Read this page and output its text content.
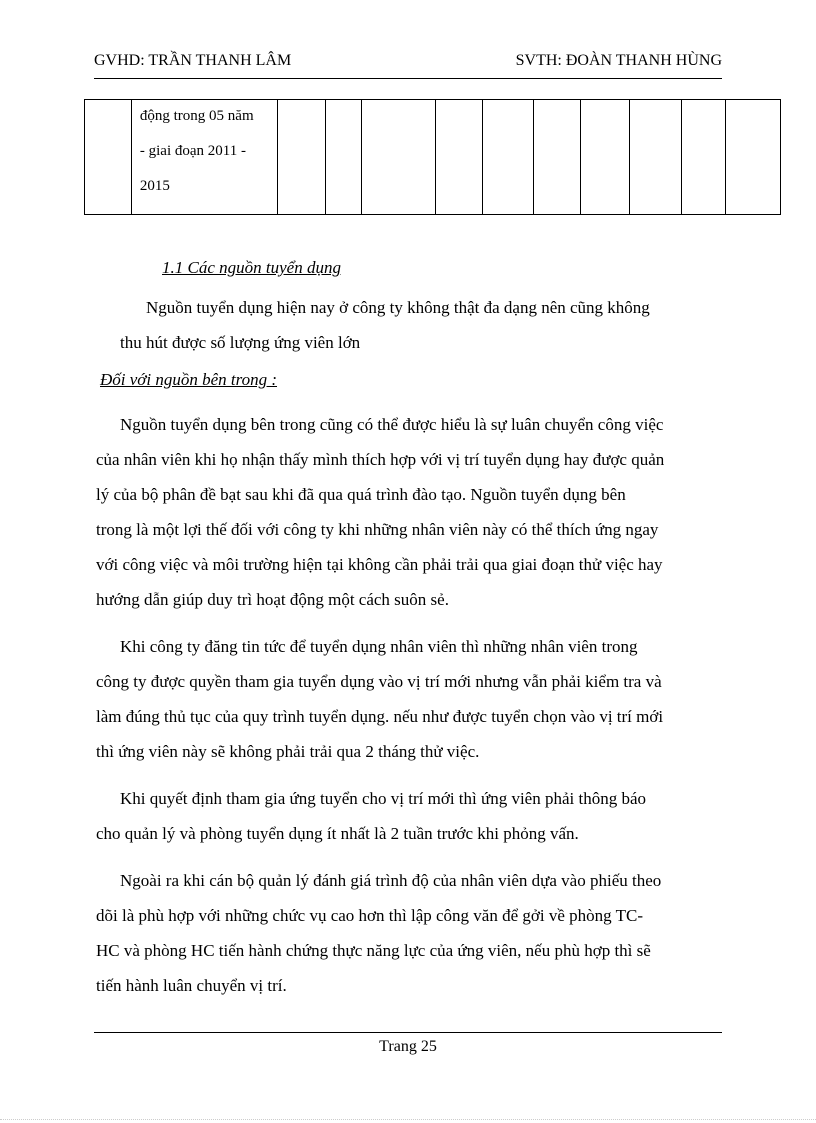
GVHD: TRẦN THANH LÂM	SVTH: ĐOÀN THANH HÙNG

động trong 05 năm
- giai đoạn 2011 -
2015

1.1 Các nguồn tuyển dụng

Nguồn tuyển dụng hiện nay ở công ty không thật đa dạng nên cũng không

thu hút được số lượng ứng viên lớn

Đối với nguồn bên trong :

Nguồn tuyển dụng bên trong cũng có thể được hiểu là sự luân chuyển công việc

của nhân viên khi họ nhận thấy mình thích hợp với vị trí tuyển dụng hay được quản

lý của bộ phân đề bạt sau khi đã qua quá trình đào tạo. Nguồn tuyển dụng bên

trong là một lợi thế đối với công ty khi những nhân viên này có thể thích ứng ngay

với công việc và môi trường hiện tại không cần phải trải qua giai đoạn thử việc hay

hướng dẫn giúp duy trì hoạt động một cách suôn sẻ.

Khi công ty đăng tin tức để tuyển dụng nhân viên thì những nhân viên trong

công ty được quyền tham gia tuyển dụng vào vị trí mới nhưng vẫn phải kiểm tra và

làm đúng thủ tục của quy trình tuyển dụng. nếu như được tuyển chọn vào vị trí mới

thì ứng viên này sẽ không phải trải qua 2 tháng thử việc.

Khi quyết định tham gia ứng tuyển cho vị trí mới thì ứng viên phải thông báo

cho quản lý và phòng tuyển dụng ít nhất là 2 tuần trước khi phỏng vấn.

Ngoài ra khi cán bộ quản lý đánh giá trình độ của nhân viên dựa vào phiếu theo

dõi là phù hợp với những chức vụ cao hơn thì lập công văn để gởi về phòng TC-

HC và phòng HC tiến hành chứng thực năng lực của ứng viên, nếu phù hợp thì sẽ

tiến hành luân chuyển vị trí.

Trang 25
